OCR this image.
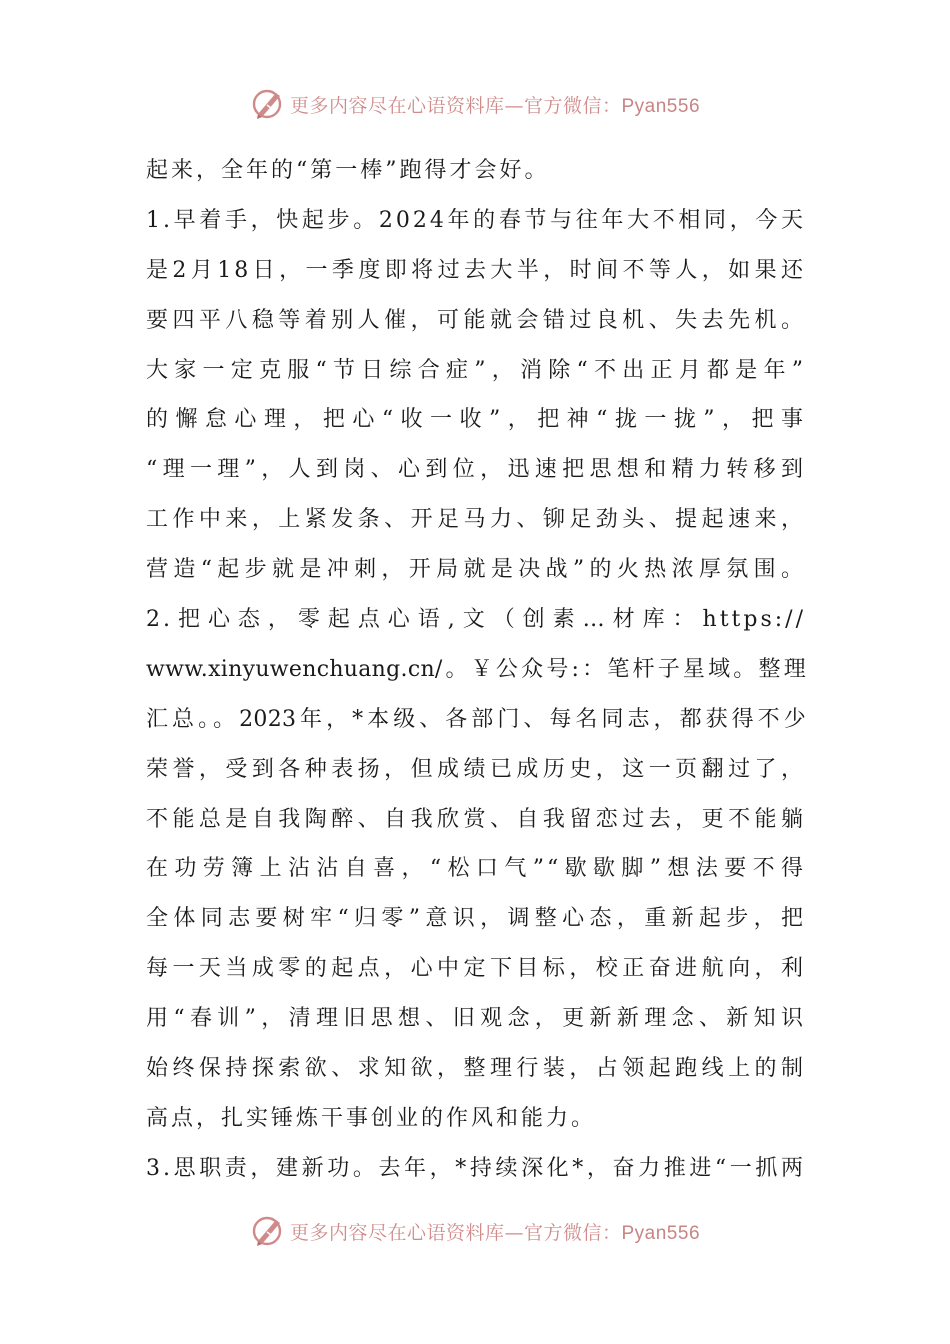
更多内容尽在心语资料库—官方微信：Pyan556
起来，全年的“第一棒”跑得才会好。
1.早着手，快起步。2024年的春节与往年大不相同，今天
是2月18日，一季度即将过去大半，时间不等人，如果还
要四平八稳等着别人催，可能就会错过良机、失去先机。
大家一定克服“节日综合症”，消除“不出正月都是年”
的懈怠心理，把心“收一收”，把神“拢一拢”，把事
“理一理”，人到岗、心到位，迅速把思想和精力转移到
工作中来，上紧发条、开足马力、铆足劲头、提起速来，
营造“起步就是冲刺，开局就是决战”的火热浓厚氛围。
2.把心态，零起点心语,文（创素…材库：https://
www.xinyuwenchuang.cn/。￥公众号:：笔杆子星域。整理
汇总。。2023年，*本级、各部门、每名同志，都获得不少
荣誉，受到各种表扬，但成绩已成历史，这一页翻过了，
不能总是自我陶醉、自我欣赏、自我留恋过去，更不能躺
在功劳簿上沾沾自喜，“松口气”“歇歇脚”想法要不得
全体同志要树牢“归零”意识，调整心态，重新起步，把
每一天当成零的起点，心中定下目标，校正奋进航向，利
用“春训”，清理旧思想、旧观念，更新新理念、新知识
始终保持探索欲、求知欲，整理行装，占领起跑线上的制
高点，扎实锤炼干事创业的作风和能力。
3.思职责，建新功。去年，*持续深化*，奋力推进“一抓两
更多内容尽在心语资料库—官方微信：Pyan556
